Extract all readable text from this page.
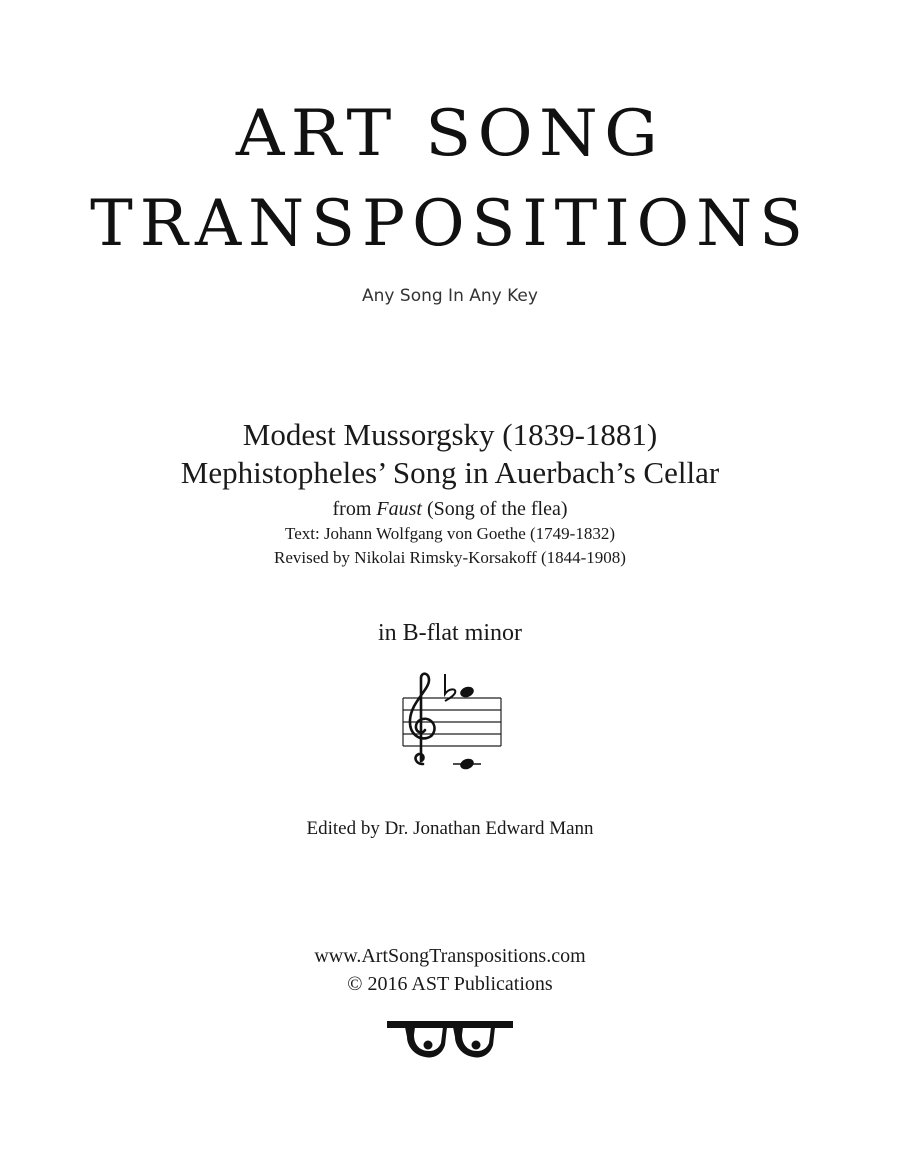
ART SONG
TRANSPOSITIONS
Any Song In Any Key

Modest Mussorgsky (1839-1881)

Mephistopheles’ Song in Auerbach’s Cellar

from Faust (Song of the flea)

Text: Johann Wolfgang von Goethe (1749-1832)

Revised by Nikolai Rimsky-Korsakoff (1844-1908)

in B-flat minor
Edited by Dr. Jonathan Edward Mann

www.ArtSongTranspositions.com

© 2016 AST Publications
